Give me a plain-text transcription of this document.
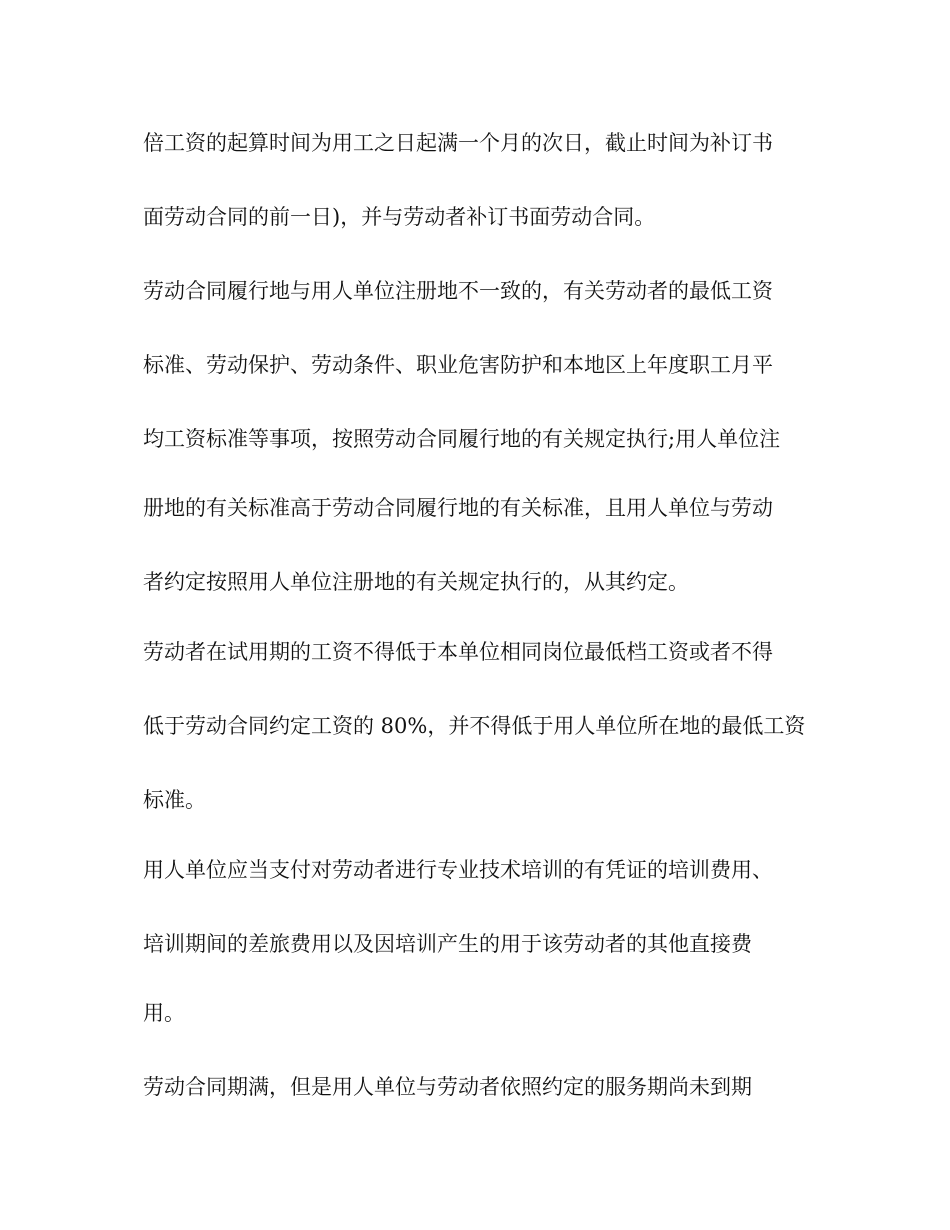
倍工资的起算时间为用工之日起满一个月的次日，截止时间为补订书
面劳动合同的前一日)，并与劳动者补订书面劳动合同。
劳动合同履行地与用人单位注册地不一致的，有关劳动者的最低工资
标准、劳动保护、劳动条件、职业危害防护和本地区上年度职工月平
均工资标准等事项，按照劳动合同履行地的有关规定执行;用人单位注
册地的有关标准高于劳动合同履行地的有关标准，且用人单位与劳动
者约定按照用人单位注册地的有关规定执行的，从其约定。
劳动者在试用期的工资不得低于本单位相同岗位最低档工资或者不得
低于劳动合同约定工资的 80%，并不得低于用人单位所在地的最低工资
标准。
用人单位应当支付对劳动者进行专业技术培训的有凭证的培训费用、
培训期间的差旅费用以及因培训产生的用于该劳动者的其他直接费
用。
劳动合同期满，但是用人单位与劳动者依照约定的服务期尚未到期
